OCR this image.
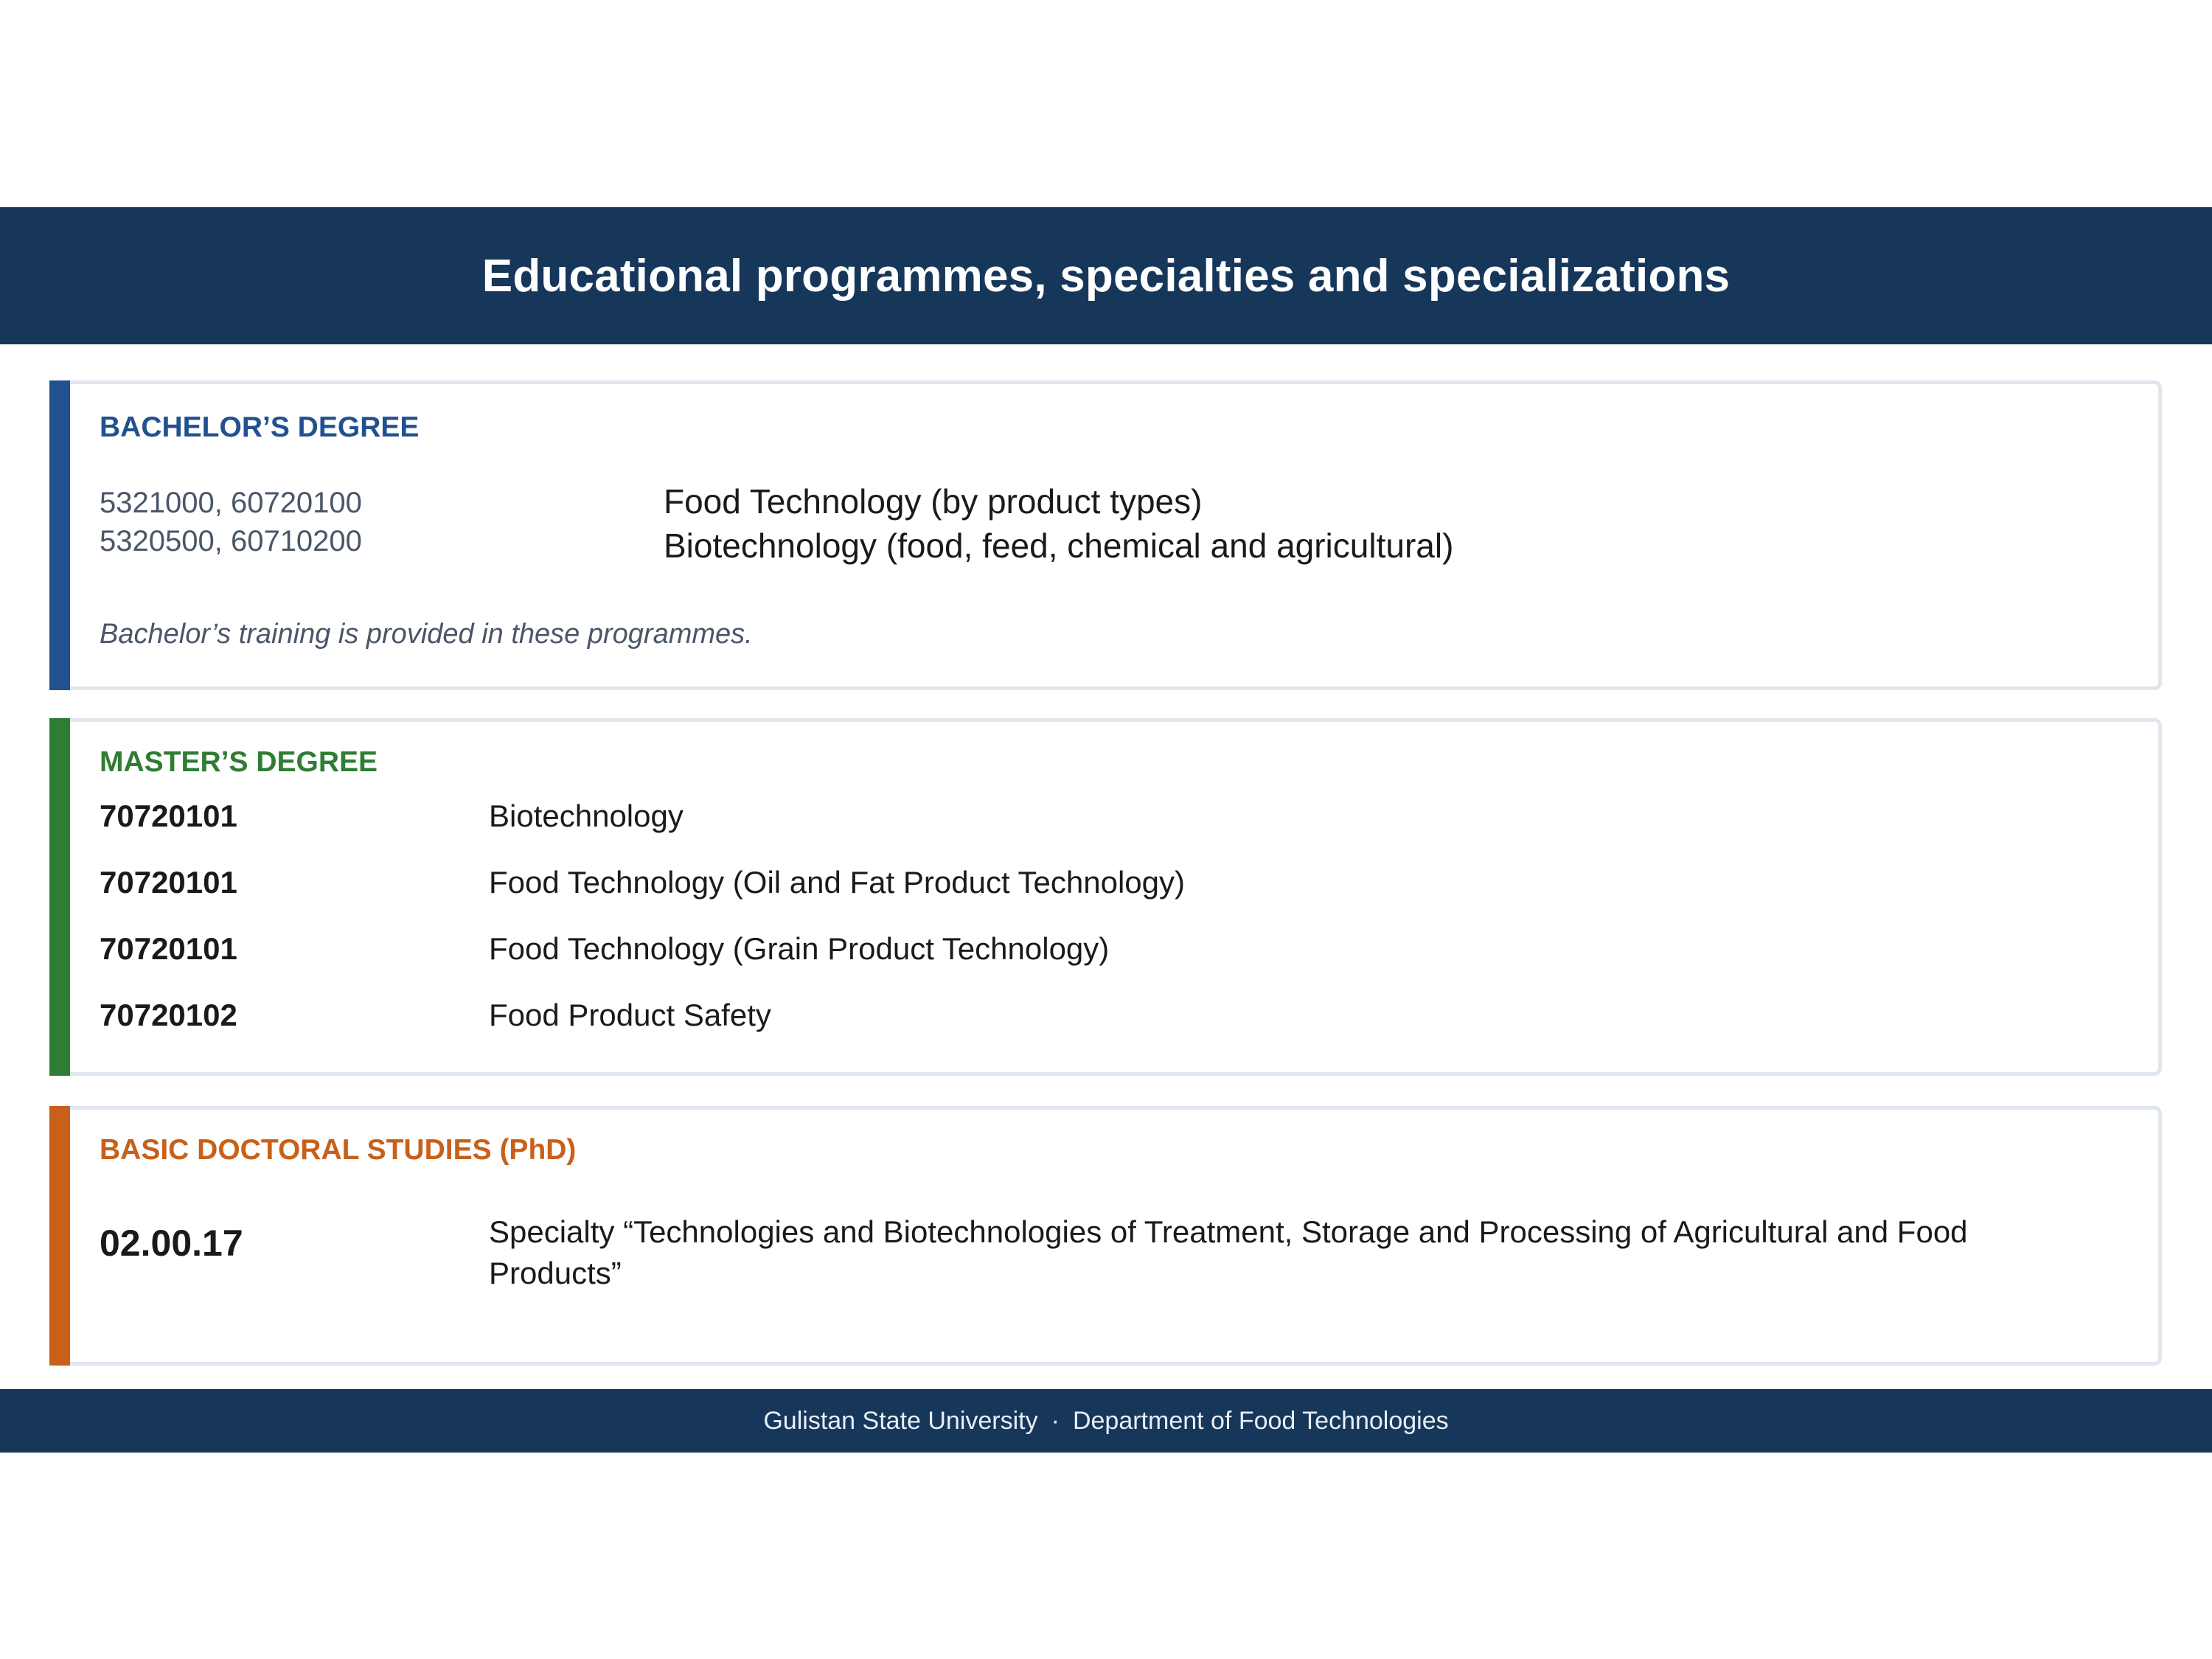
Educational programmes, specialties and specializations
BACHELOR’S DEGREE
5321000, 60720100	Food Technology (by product types)
5320500, 60710200	Biotechnology (food, feed, chemical and agricultural)
Bachelor’s training is provided in these programmes.
MASTER’S DEGREE
70720101	Biotechnology
70720101	Food Technology (Oil and Fat Product Technology)
70720101	Food Technology (Grain Product Technology)
70720102	Food Product Safety
BASIC DOCTORAL STUDIES (PhD)
02.00.17	Specialty “Technologies and Biotechnologies of Treatment, Storage and Processing of Agricultural and Food Products”
Gulistan State University · Department of Food Technologies
